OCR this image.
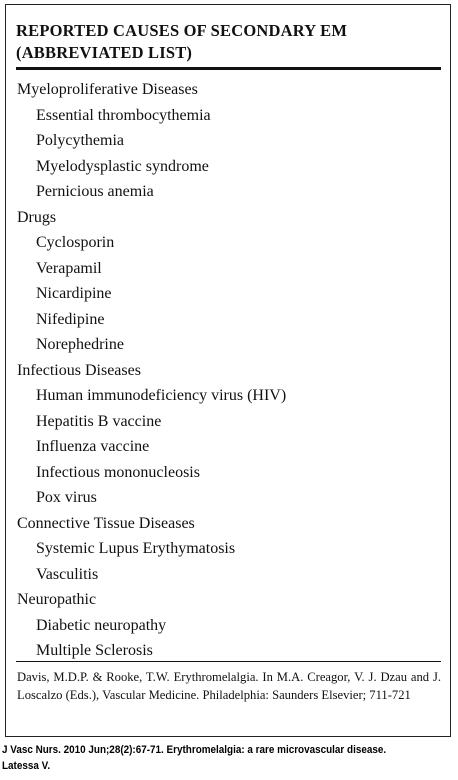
REPORTED CAUSES OF SECONDARY EM (ABBREVIATED LIST)
Myeloproliferative Diseases
Essential thrombocythemia
Polycythemia
Myelodysplastic syndrome
Pernicious anemia
Drugs
Cyclosporin
Verapamil
Nicardipine
Nifedipine
Norephedrine
Infectious Diseases
Human immunodeficiency virus (HIV)
Hepatitis B vaccine
Influenza vaccine
Infectious mononucleosis
Pox virus
Connective Tissue Diseases
Systemic Lupus Erythymatosis
Vasculitis
Neuropathic
Diabetic neuropathy
Multiple Sclerosis
Davis, M.D.P. & Rooke, T.W. Erythromelalgia. In M.A. Creagor, V. J. Dzau and J. Loscalzo (Eds.), Vascular Medicine. Philadelphia: Saunders Elsevier; 711-721
J Vasc Nurs. 2010 Jun;28(2):67-71. Erythromelalgia: a rare microvascular disease. Latessa V.
